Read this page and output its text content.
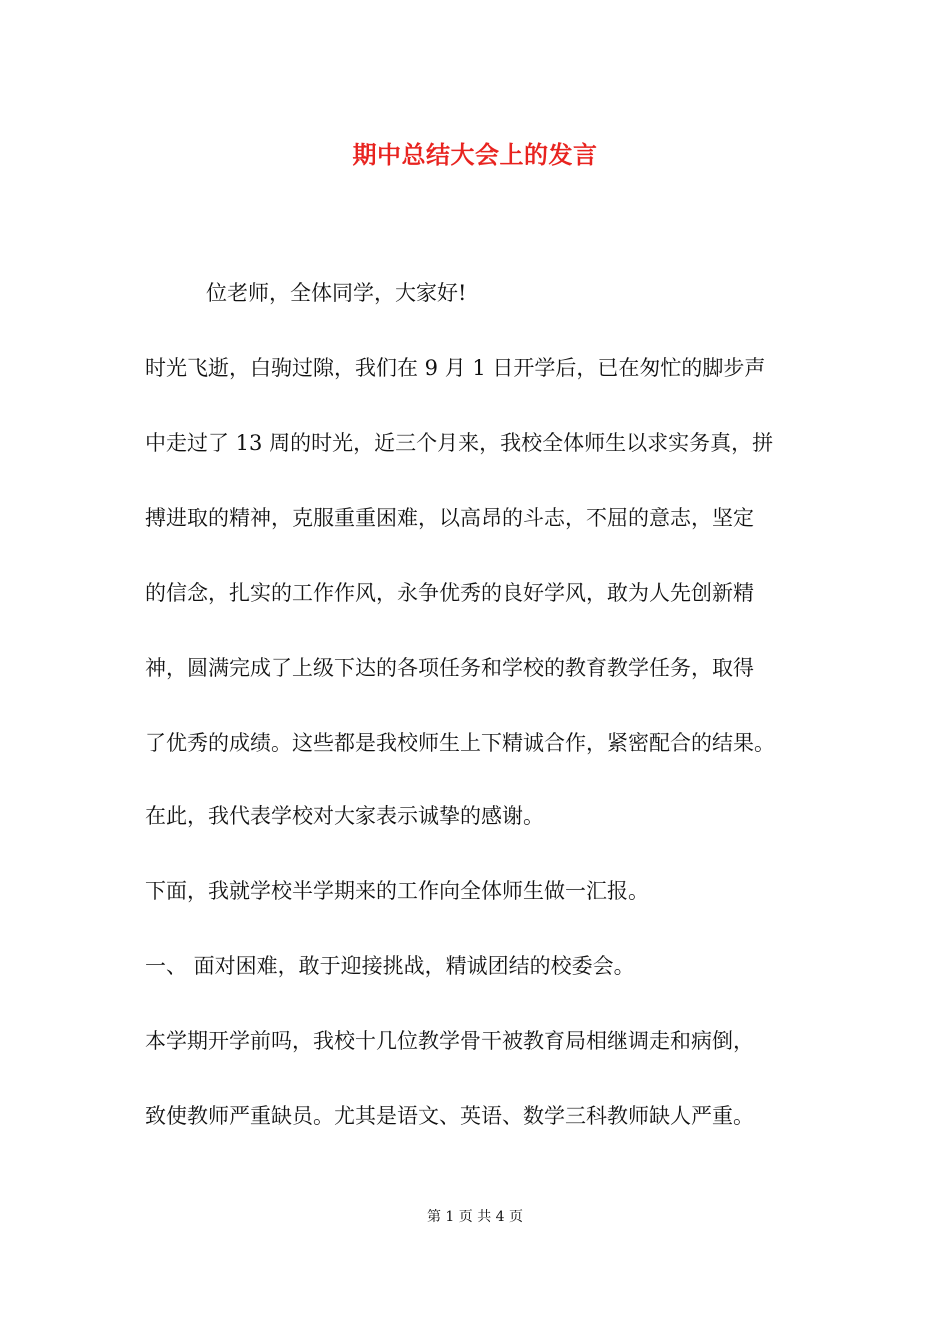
期中总结大会上的发言
位老师，全体同学，大家好!
时光飞逝，白驹过隙，我们在 9 月 1 日开学后，已在匆忙的脚步声
中走过了 13 周的时光，近三个月来，我校全体师生以求实务真，拼
搏进取的精神，克服重重困难，以高昂的斗志，不屈的意志，坚定
的信念，扎实的工作作风，永争优秀的良好学风，敢为人先创新精
神，圆满完成了上级下达的各项任务和学校的教育教学任务，取得
了优秀的成绩。这些都是我校师生上下精诚合作，紧密配合的结果。
在此，我代表学校对大家表示诚挚的感谢。
下面，我就学校半学期来的工作向全体师生做一汇报。
一、 面对困难，敢于迎接挑战，精诚团结的校委会。
本学期开学前吗，我校十几位教学骨干被教育局相继调走和病倒，
致使教师严重缺员。尤其是语文、英语、数学三科教师缺人严重。
第 1 页 共 4 页
